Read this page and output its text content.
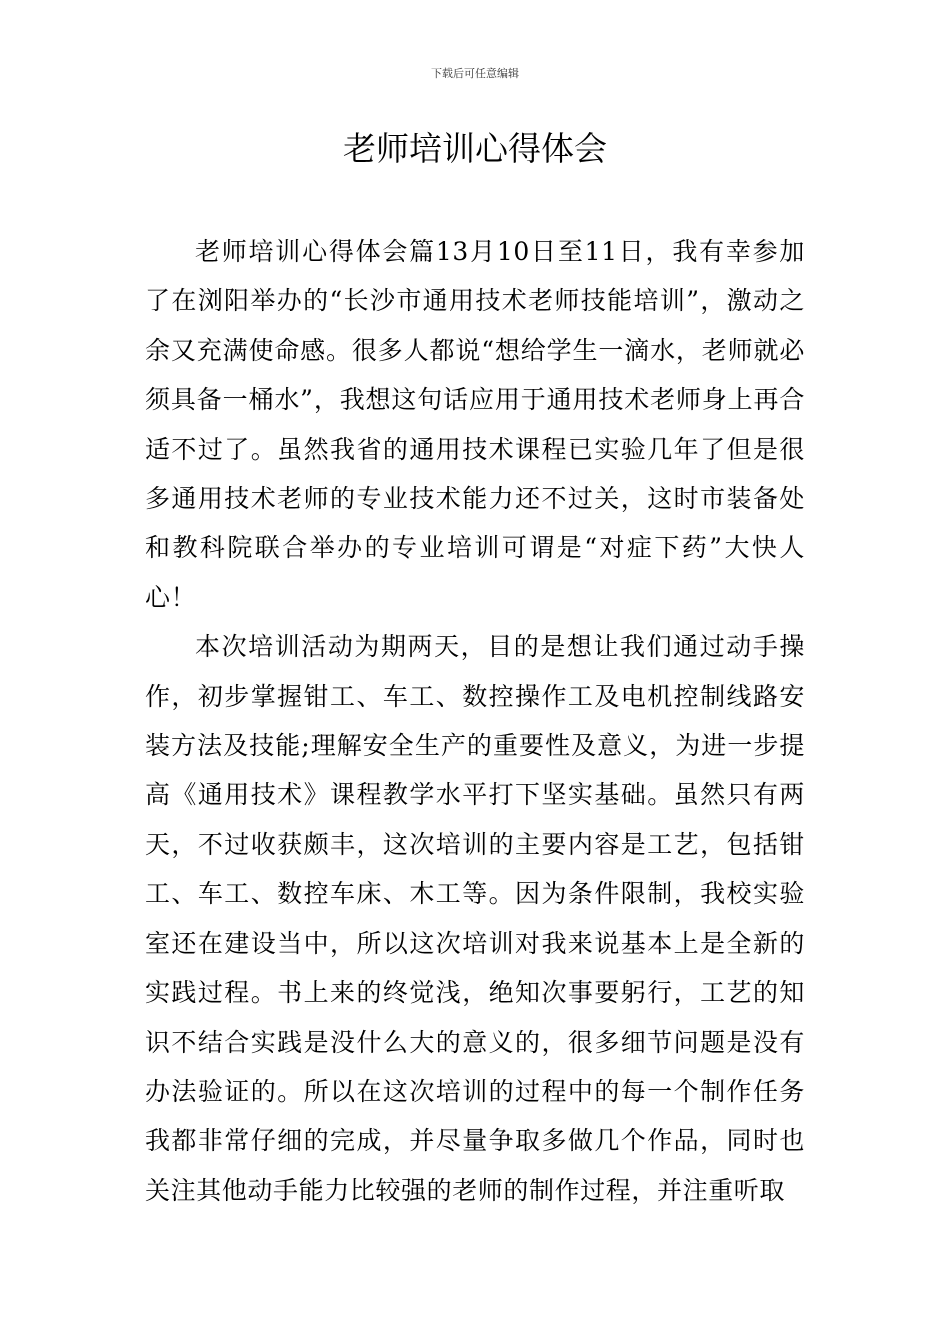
下载后可任意编辑
老师培训心得体会

老师培训心得体会篇13月10日至11日，我有幸参加了在浏阳举办的“长沙市通用技术老师技能培训”，激动之余又充满使命感。很多人都说“想给学生一滴水，老师就必须具备一桶水”，我想这句话应用于通用技术老师身上再合适不过了。虽然我省的通用技术课程已实验几年了但是很多通用技术老师的专业技术能力还不过关，这时市装备处和教科院联合举办的专业培训可谓是“对症下药”大快人心！

本次培训活动为期两天，目的是想让我们通过动手操作，初步掌握钳工、车工、数控操作工及电机控制线路安装方法及技能;理解安全生产的重要性及意义，为进一步提高《通用技术》课程教学水平打下坚实基础。虽然只有两天，不过收获颇丰，这次培训的主要内容是工艺，包括钳工、车工、数控车床、木工等。因为条件限制，我校实验室还在建设当中，所以这次培训对我来说基本上是全新的实践过程。书上来的终觉浅，绝知次事要躬行，工艺的知识不结合实践是没什么大的意义的，很多细节问题是没有办法验证的。所以在这次培训的过程中的每一个制作任务我都非常仔细的完成，并尽量争取多做几个作品，同时也关注其他动手能力比较强的老师的制作过程，并注重听取
